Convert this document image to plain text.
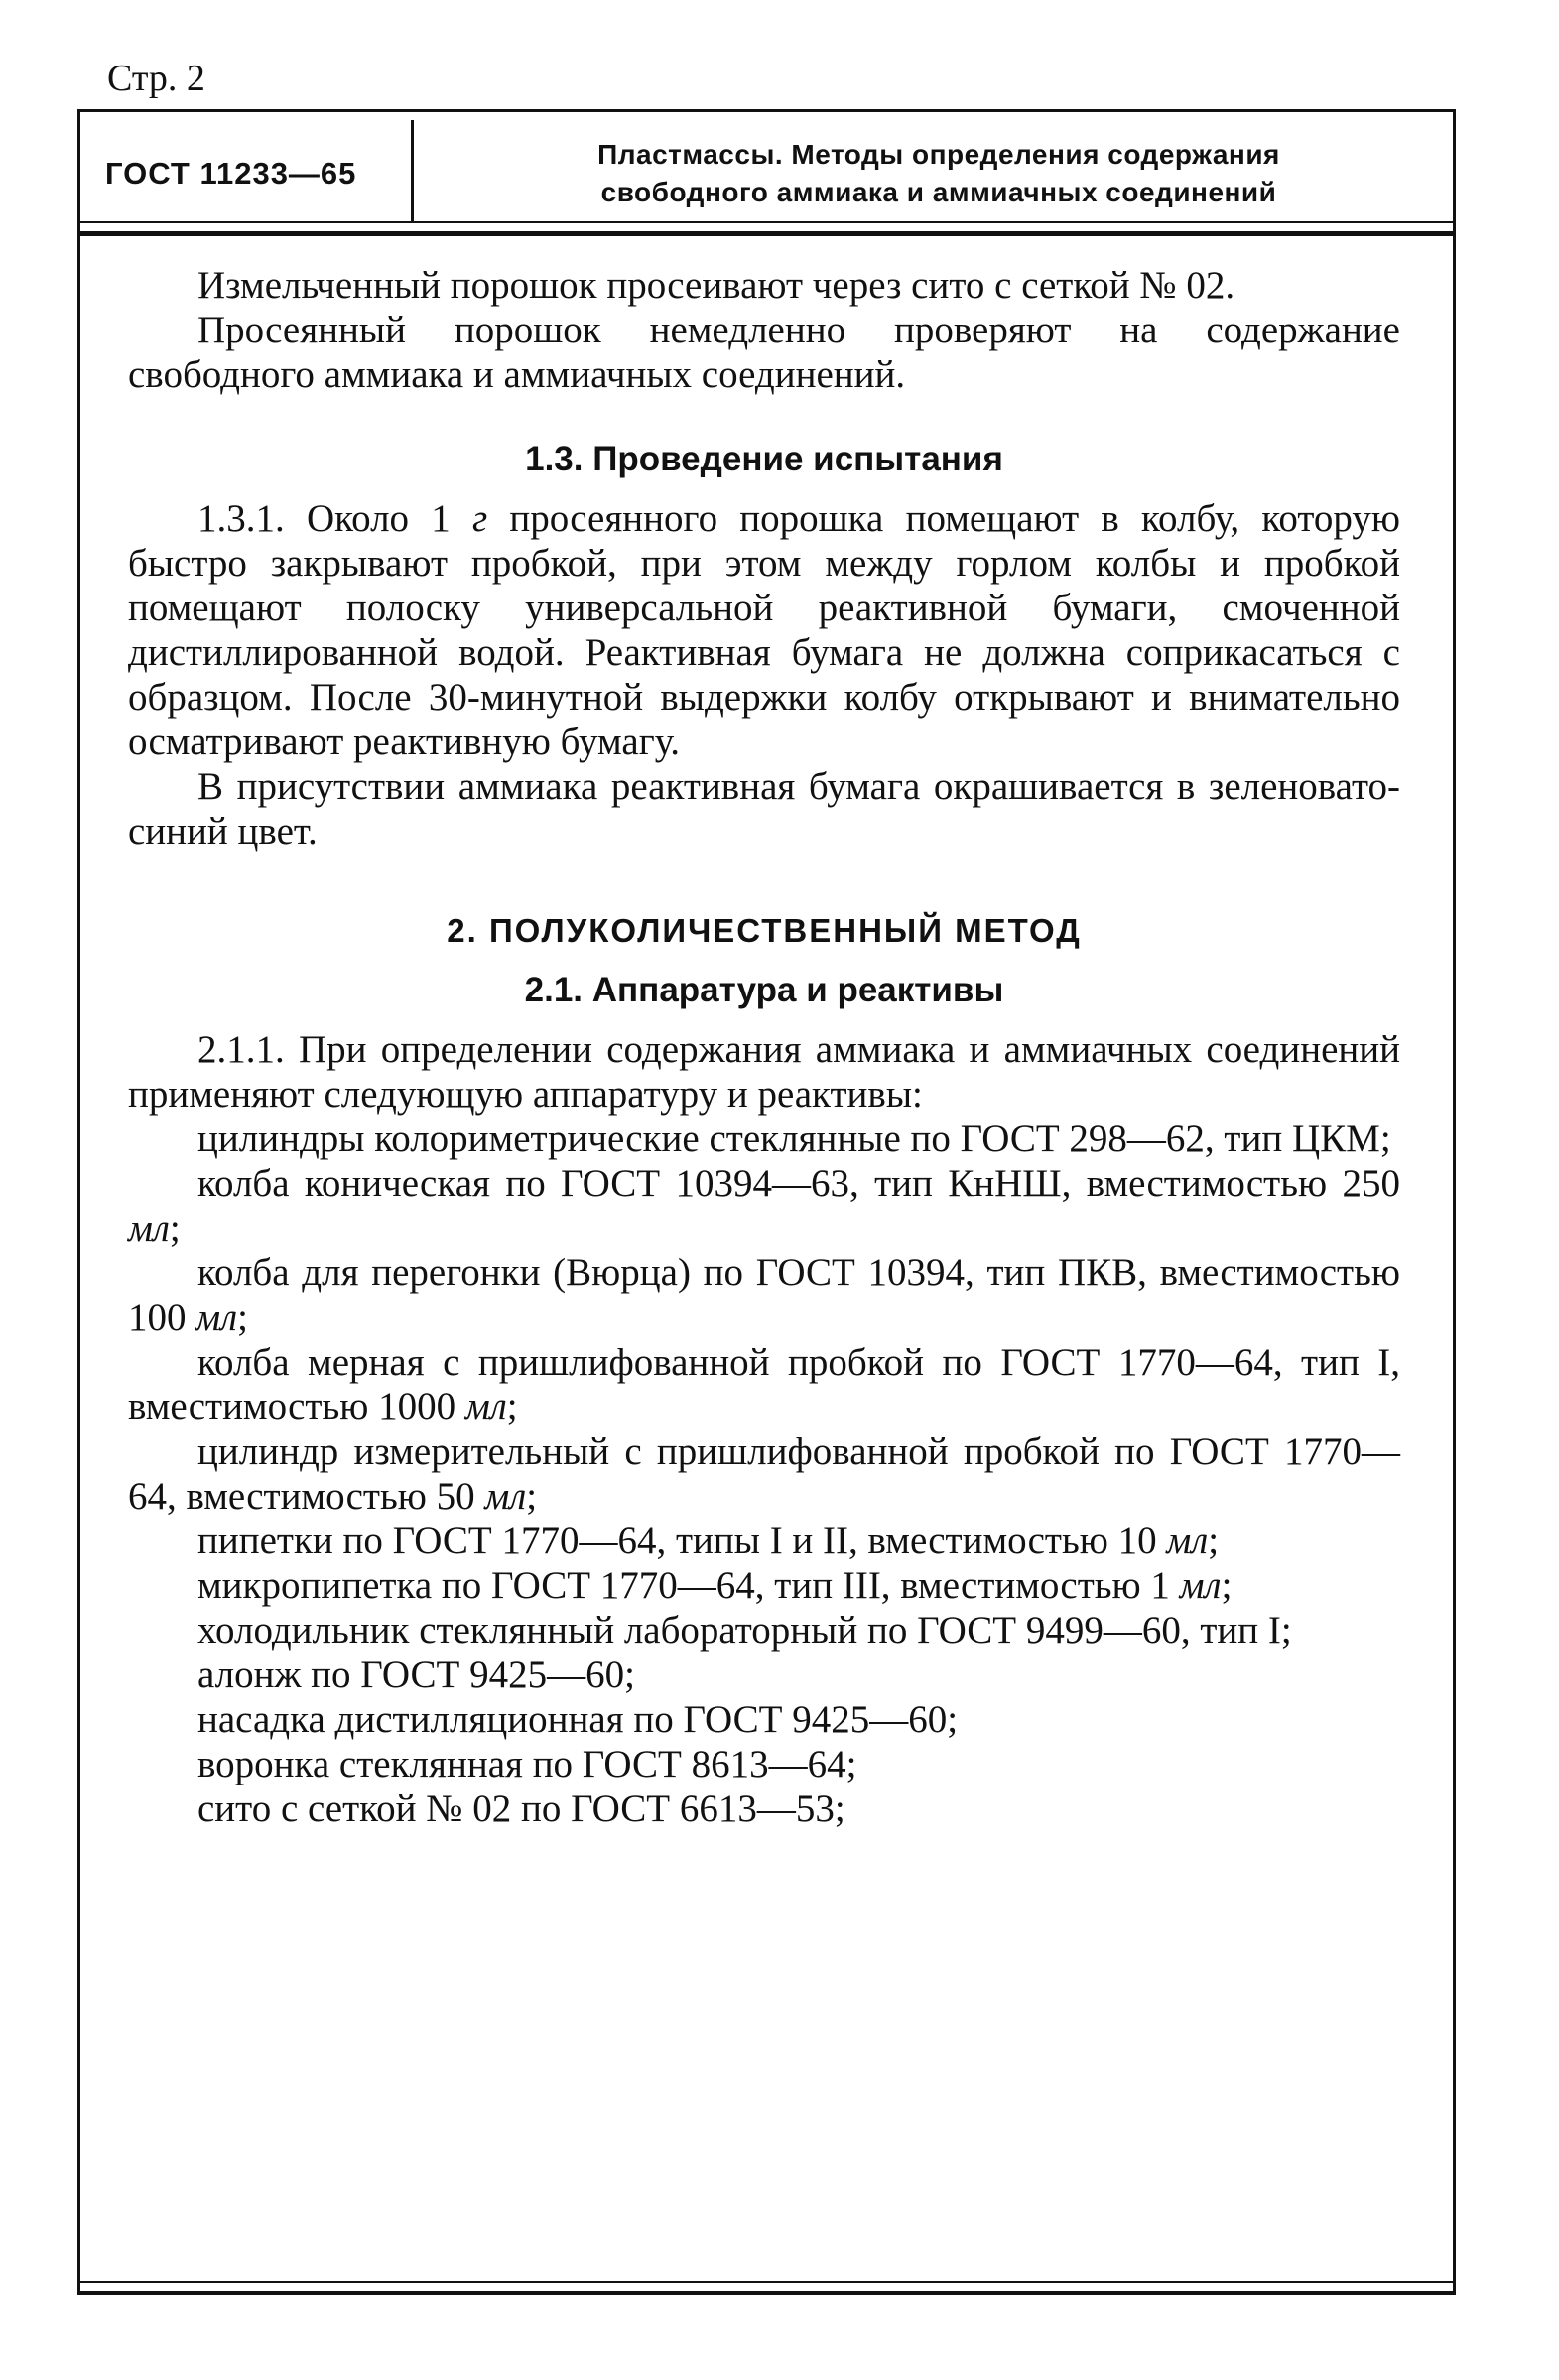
Стр. 2
ГОСТ 11233—65
Пластмассы. Методы определения содержания
свободного аммиака и аммиачных соединений

Измельченный порошок просеивают через сито с сеткой № 02.

Просеянный порошок немедленно проверяют на содержание свободного аммиака и аммиачных соединений.

1.3. Проведение испытания

1.3.1. Около 1 г просеянного порошка помещают в колбу, которую быстро закрывают пробкой, при этом между горлом колбы и пробкой помещают полоску универсальной реактивной бумаги, смоченной дистиллированной водой. Реактивная бумага не должна соприкасаться с образцом. После 30-минутной выдержки колбу открывают и внимательно осматривают реактивную бумагу.

В присутствии аммиака реактивная бумага окрашивается в зеленовато-синий цвет.

2. ПОЛУКОЛИЧЕСТВЕННЫЙ МЕТОД
2.1. Аппаратура и реактивы

2.1.1. При определении содержания аммиака и аммиачных соединений применяют следующую аппаратуру и реактивы:

цилиндры колориметрические стеклянные по ГОСТ 298—62, тип ЦКМ;

колба коническая по ГОСТ 10394—63, тип КнНШ, вместимостью 250 мл;

колба для перегонки (Вюрца) по ГОСТ 10394, тип ПКВ, вместимостью 100 мл;

колба мерная с пришлифованной пробкой по ГОСТ 1770—64, тип I, вместимостью 1000 мл;

цилиндр измерительный с пришлифованной пробкой по ГОСТ 1770—64, вместимостью 50 мл;

пипетки по ГОСТ 1770—64, типы I и II, вместимостью 10 мл;

микропипетка по ГОСТ 1770—64, тип III, вместимостью 1 мл;

холодильник стеклянный лабораторный по ГОСТ 9499—60, тип I;

алонж по ГОСТ 9425—60;

насадка дистилляционная по ГОСТ 9425—60;

воронка стеклянная по ГОСТ 8613—64;

сито с сеткой № 02 по ГОСТ 6613—53;
